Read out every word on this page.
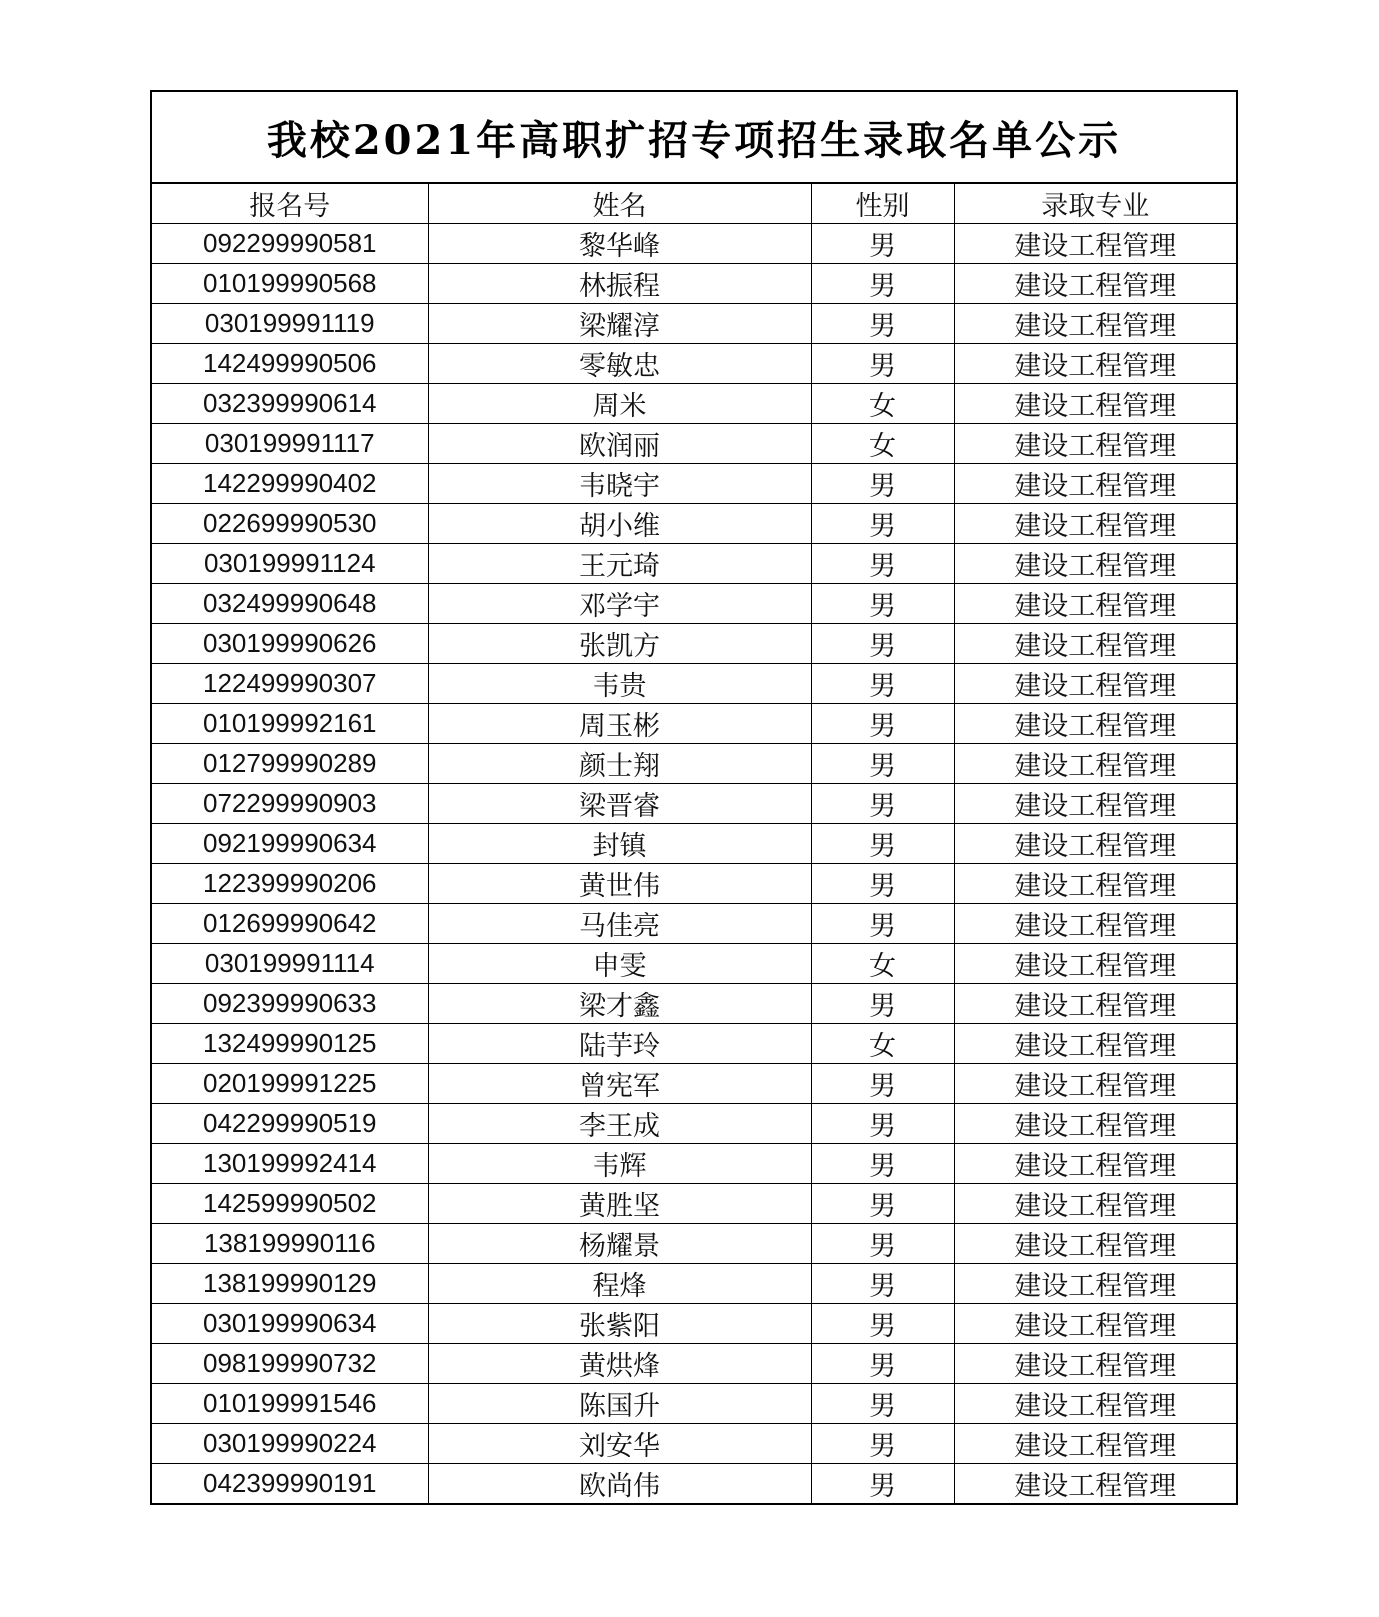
我校2021年高职扩招专项招生录取名单公示
报名号	姓名	性别	录取专业
092299990581	黎华峰	男	建设工程管理
010199990568	林振程	男	建设工程管理
030199991119	梁耀淳	男	建设工程管理
142499990506	零敏忠	男	建设工程管理
032399990614	周米	女	建设工程管理
030199991117	欧润丽	女	建设工程管理
142299990402	韦晓宇	男	建设工程管理
022699990530	胡小维	男	建设工程管理
030199991124	王元琦	男	建设工程管理
032499990648	邓学宇	男	建设工程管理
030199990626	张凯方	男	建设工程管理
122499990307	韦贵	男	建设工程管理
010199992161	周玉彬	男	建设工程管理
012799990289	颜士翔	男	建设工程管理
072299990903	梁晋睿	男	建设工程管理
092199990634	封镇	男	建设工程管理
122399990206	黄世伟	男	建设工程管理
012699990642	马佳亮	男	建设工程管理
030199991114	申雯	女	建设工程管理
092399990633	梁才鑫	男	建设工程管理
132499990125	陆芋玲	女	建设工程管理
020199991225	曾宪军	男	建设工程管理
042299990519	李王成	男	建设工程管理
130199992414	韦辉	男	建设工程管理
142599990502	黄胜坚	男	建设工程管理
138199990116	杨耀景	男	建设工程管理
138199990129	程烽	男	建设工程管理
030199990634	张紫阳	男	建设工程管理
098199990732	黄烘烽	男	建设工程管理
010199991546	陈国升	男	建设工程管理
030199990224	刘安华	男	建设工程管理
042399990191	欧尚伟	男	建设工程管理
